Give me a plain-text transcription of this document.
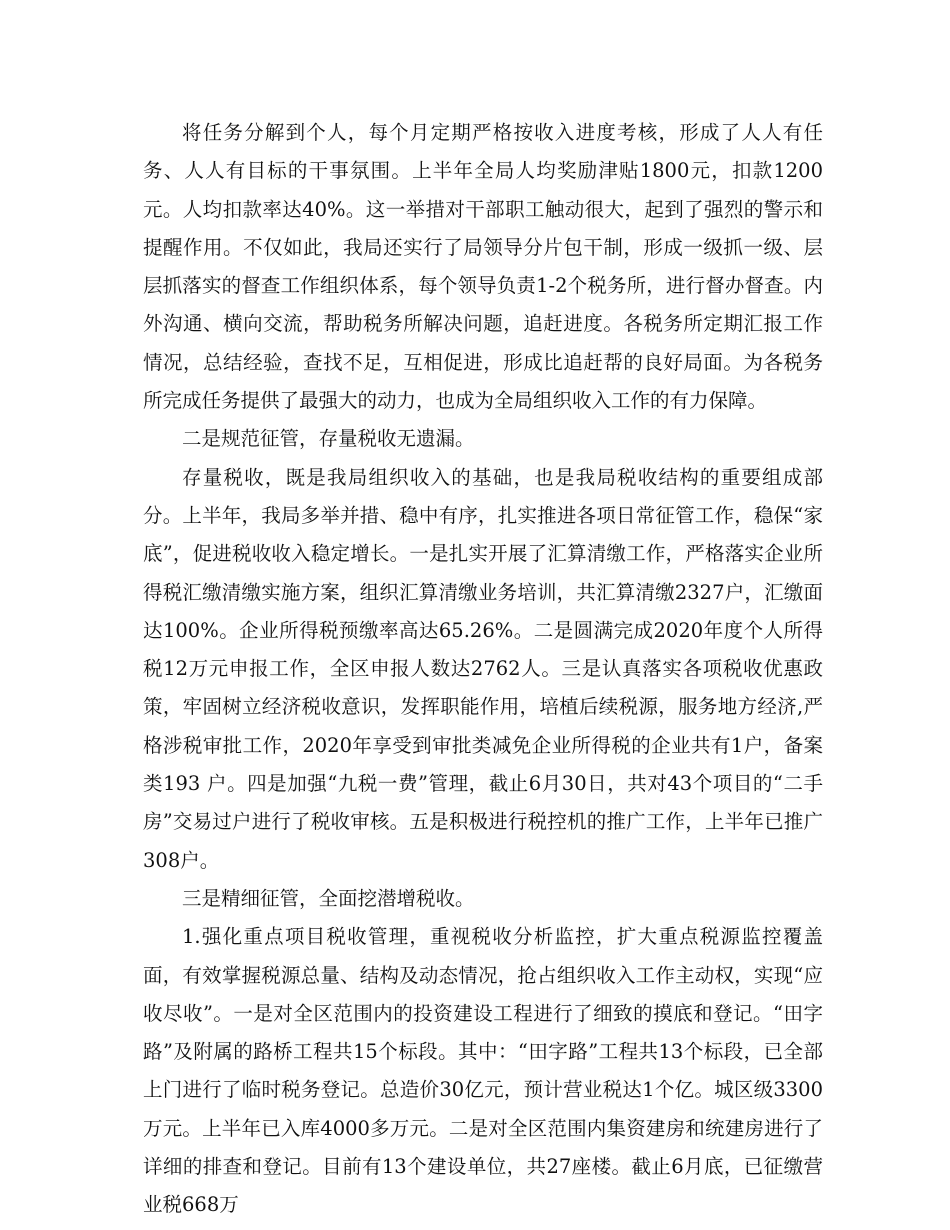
将任务分解到个人，每个月定期严格按收入进度考核，形成了人人有任务、人人有目标的干事氛围。上半年全局人均奖励津贴1800元，扣款1200元。人均扣款率达40%。这一举措对干部职工触动很大，起到了强烈的警示和提醒作用。不仅如此，我局还实行了局领导分片包干制，形成一级抓一级、层层抓落实的督查工作组织体系，每个领导负责1-2个税务所，进行督办督查。内外沟通、横向交流，帮助税务所解决问题，追赶进度。各税务所定期汇报工作情况，总结经验，查找不足，互相促进，形成比追赶帮的良好局面。为各税务所完成任务提供了最强大的动力，也成为全局组织收入工作的有力保障。

二是规范征管，存量税收无遗漏。

存量税收，既是我局组织收入的基础，也是我局税收结构的重要组成部分。上半年，我局多举并措、稳中有序，扎实推进各项日常征管工作，稳保“家底”，促进税收收入稳定增长。一是扎实开展了汇算清缴工作，严格落实企业所得税汇缴清缴实施方案，组织汇算清缴业务培训，共汇算清缴2327户，汇缴面达100%。企业所得税预缴率高达65.26%。二是圆满完成2020年度个人所得税12万元申报工作，全区申报人数达2762人。三是认真落实各项税收优惠政策，牢固树立经济税收意识，发挥职能作用，培植后续税源，服务地方经济,严格涉税审批工作，2020年享受到审批类减免企业所得税的企业共有1户，备案类193 户。四是加强“九税一费”管理，截止6月30日，共对43个项目的“二手房”交易过户进行了税收审核。五是积极进行税控机的推广工作，上半年已推广308户。

三是精细征管，全面挖潜增税收。

1.强化重点项目税收管理，重视税收分析监控，扩大重点税源监控覆盖面，有效掌握税源总量、结构及动态情况，抢占组织收入工作主动权，实现“应收尽收”。一是对全区范围内的投资建设工程进行了细致的摸底和登记。“田字路”及附属的路桥工程共15个标段。其中：“田字路”工程共13个标段，已全部上门进行了临时税务登记。总造价30亿元，预计营业税达1个亿。城区级3300万元。上半年已入库4000多万元。二是对全区范围内集资建房和统建房进行了详细的排查和登记。目前有13个建设单位，共27座楼。截止6月底，已征缴营业税668万
